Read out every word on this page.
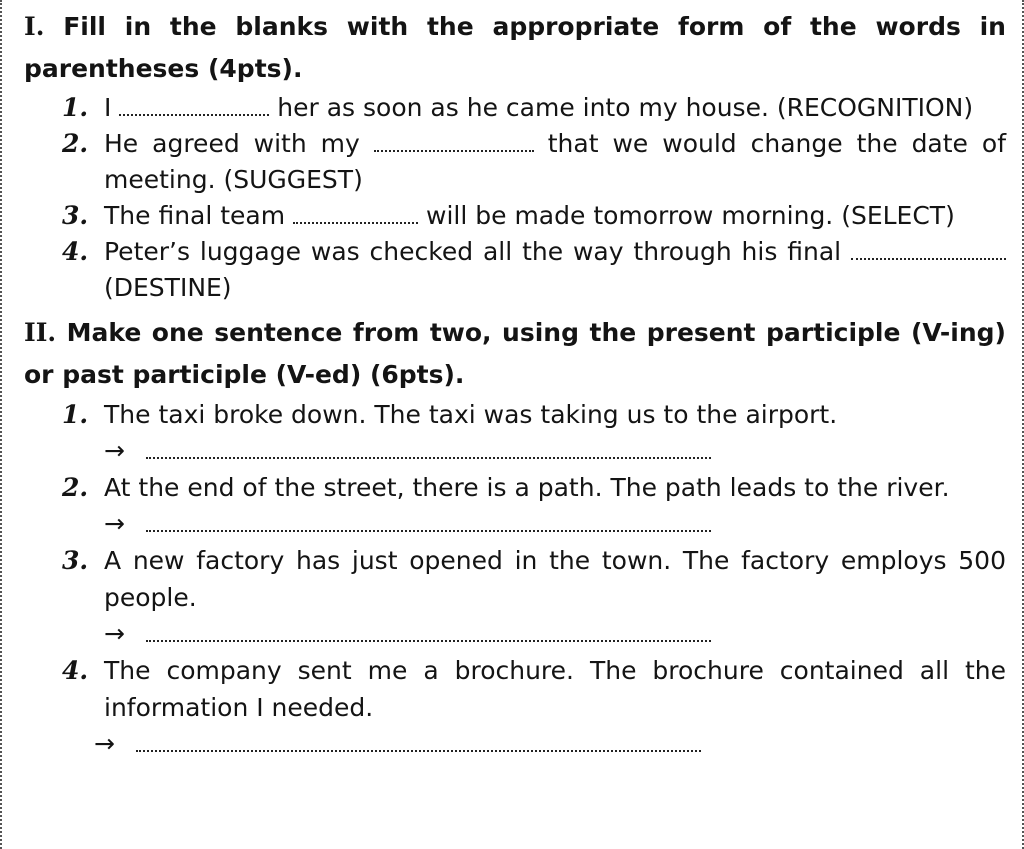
I. Fill in the blanks with the appropriate form of the words in parentheses (4pts).
1. I	her as soon as he came into my house. (RECOGNITION)
2. He agreed with my	that we would change the date of meeting. (SUGGEST)
3. The final team	will be made tomorrow morning. (SELECT)
4. Peter’s luggage was checked all the way through his final  (DESTINE)
II. Make one sentence from two, using the present participle (V-ing) or past participle (V-ed) (6pts).
1. The taxi broke down. The taxi was taking us to the airport.
→
2. At the end of the street, there is a path. The path leads to the river.
→
3. A new factory has just opened in the town. The factory employs 500 people.
→
4. The company sent me a brochure. The brochure contained all the information I needed.
→
